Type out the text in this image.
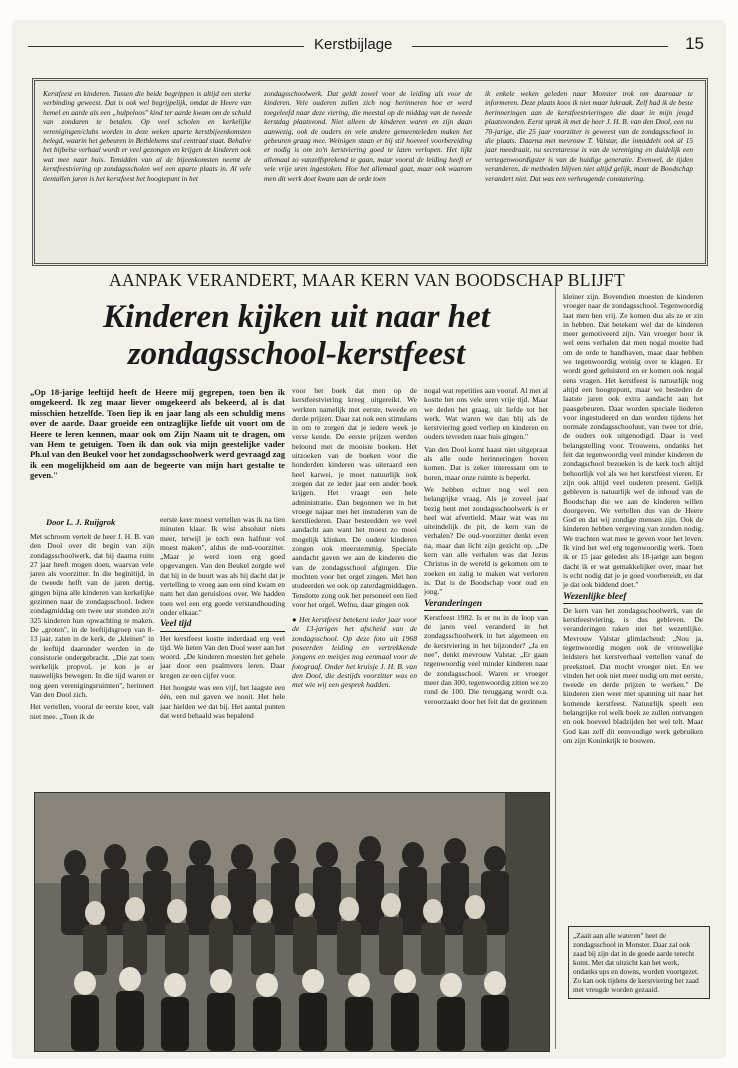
Kerstbijlage	15
Kerstfeest en kinderen. Tussen die beide begrippen is altijd een sterke verbinding geweest. Dat is ook wel begrijpelijk, omdat de Heere van hemel en aarde als een „hulpeloos" kind ter aarde kwam om de schuld van zondaren te betalen. Op veel scholen en kerkelijke verenigingen/clubs worden in deze weken aparte kerstbijeenkomsten belegd, waarin het gebeuren in Bethlehems stal centraal staat. Behalve het bijbelse verhaal wordt er veel gezongen en krijgen de kinderen ook wat mee naar huis. Temidden van al de bijeenkomsten neemt de kerstfeestviering op zondagsscholen wel een aparte plaats in. Al vele tientallen jaren is het kerstfeest het hoogtepunt in het
zondagsschoolwerk. Dat geldt zowel voor de leiding als voor de kinderen. Vele ouderen zullen zich nog herinneren hoe er werd toegeleefd naar deze viering, die meestal op de middag van de tweede kerstdag plaatsvond. Niet alleen de kinderen waren en zijn daan aanwezig, ook de ouders en vele andere gemeenteleden maken het gebeuren graag mee. Weinigen staan er bij stil hoeveel voorbereiding er nodig is om zo'n kerstviering goed te laten verlopen. Het lijkt allemaal zo vanzelfsprekend te gaan, maar vooral de leiding heeft er vele vrije uren ingestoken. Hoe het allemaal gaat, maar ook waarom men dit werk doet kwam aan de orde toen
ik enkele weken geleden naar Monster trok om daarnaar te informeren. Deze plaats koos ik niet maar lukraak. Zelf had ik de beste herinneringen aan de kerstfeestvieringen die daar in mijn jeugd plaatsvonden. Eerst sprak ik met de heer J. H. B. van den Dool, een nu 70-jarige, die 25 jaar voorzitter is geweest van de zondagsschool in die plaats. Daarna met mevrouw T. Valstar, die inmiddels ook al 15 jaar meedraait, nu secretaresse is van de vereniging en duidelijk een vertegenwoordigster is van de huidige generatie. Evenwel, de tijden veranderen, de methoden blijven niet altijd gelijk, maar de Boodschap verandert niet. Dat was een verheugende constatering.
AANPAK VERANDERT, MAAR KERN VAN BOODSCHAP BLIJFT
Kinderen kijken uit naar het
zondagsschool-kerstfeest
„Op 18-jarige leeftijd heeft de Heere mij gegrepen, toen ben ik omgekeerd. Ik zeg maar liever omgekeerd als bekeerd, al is dat misschien hetzelfde. Toen liep ik en jaar lang als een schuldig mens over de aarde. Daar groeide een ontzaglijke liefde uit voort om de Heere te leren kennen, maar ook om Zijn Naam uit te dragen, om van Hem te getuigen. Toen ik dan ook via mijn geestelijke vader Ph.ul van den Beukel voor het zondagsschoolwerk werd gevraagd zag ik een mogelijkheid om aan de begeerte van mijn hart gestalte te geven."
Door L. J. Ruijgrok

Met schroom vertelt de heer J. H. B. van den Dool over dit begin van zijn zondagsschoolwerk, dat hij daarna ruim 27 jaar heeft mogen doen, waarvan vele jaren als voorzitter. In die beginitijd, in de tweede helft van de jaren dertig, gingen bijna alle kinderen van kerkelijke gezinnen naar de zondagsschool. Iedere zondagmiddag om twee uur stonden zo'n 325 kinderen hun opwachting te maken. De „groten", in de leeftijdsgroep van 8-13 jaar, zaten in de kerk, de „kleinen" in de leeftijd daaronder werden in de consistorie ondergebracht. „Die zat toen werkelijk propvol, je kon je er nauwelijks bewegen. In die tijd waren er nog geen verenigingsruimten", herinnert Van den Dool zich.

Het vertellen, vooral de eerste keer, valt niet mee. „Toen ik de

eerste keer moest vertellen was ik na tien minuten klaar. Ik wist absoluut niets meer, terwijl je toch een halfuur vol moest maken", aldus de oud-voorzitter. „Maar je werd toen erg goed opgevangen. Van den Beukel zorgde wel dat hij in de buurt was als hij dacht dat je vertelling te vroeg aan een eind kwam en nam het dan geruisloos over. We hadden toen wel een erg goede verstandhouding onder elkaar."

Veel tijd

Het kerstfeest kostte inderdaad erg veel tijd. We lieten Van den Dool weer aan het woord. „De kinderen moesten het gehele jaar door een psalmvers leren. Daar kregen ze een cijfer voor.

Het hoogste was een vijf, het laagste een één, een nul gaven we nooit. Het hele jaar hielden we dat bij. Het aantal punten dat werd behaald was bepalend

voor het boek dat men op de kerstfeestviering kreeg uitgereikt. We werkten namelijk met eerste, tweede en derde prijzen. Daar zat ook een stimulans in om te zorgen dat je iedere week je verse kende. De eerste prijzen werden beloond met de mooiste boeken. Het uitzoeken van de boeken voor die honderden kinderen was uiteraard een heel karwei, je moet natuurlijk ook zorgen dat ze ieder jaar een ander boek krijgen. Het vraagt een hele administratie. Dan begonnen we in het vroege najaar met het instuderen van de kerstliederen. Daar besteedden we veel aandacht aan want het moest zo mooi mogelijk klinken. De oudere kinderen zongen ook meerstemmig. Speciale aandacht gaven we aan de kinderen die van de zondagsschool afgingen. Die mochten voor het orgel zingen. Met hen studeerden we ook op zaterdagmiddagen. Tenslotte zong ook het personeel een lied voor het orgel. Welnu, daar gingen ook

● Het kerstfeest betekent ieder jaar voor de 13-jarigen het afscheid van de zondagsschool. Op deze foto uit 1968 poseerden leiding en vertrekkende jongens en meisjes nog eenmaal voor de fotograaf. Onder het kruisje J. H. B. van den Dool, die destijds voorzitter was en met wie wij een gesprek hadden.

nogal wat repetities aan vooraf. Al met al kostte het ons vele uren vrije tijd. Maar we deden het graag, uit liefde tot het werk. Wat waren we dan blij als de kerstviering goed verliep en kinderen en ouders tevreden naar huis gingen."

Van den Dool komt haast niet uitgepraat als alle oude herinneringen boven komen. Dat is zeker interessant om te horen, maar onze ruimte is beperkt.

We hebben echter nog wel een belangrijke vraag. Als je zoveel jaar bezig bent met zondagsschoolwerk is er heel wat afvertield. Maar wat was nu uiteindelijk de pit, de kern van de verhalen? De oud-voorzitter denkt even na, maar dan licht zijn gezicht op. „De kern van alle verhalen was dat Jezus Christus in de wereld is gekomen om te zoeken en zalig te maken wat verloren is. Dat is de Boodschap voor oud en jong."

Veranderingen

Kerstfeest 1982. Is er nu in de loop van de jaren veel veranderd in het zondagsschoolwerk in het algemeen en de kerstviering in het bijzonder? „Ja en nee", denkt mevrouw Valstar. „Er gaan tegenwoordig veel minder kinderen naar de zondagsschool. Waren er vroeger meer dan 300, tegenwoordig zitten we zo rond de 100. Die teruggang wordt o.a. veroorzaakt door het feit dat de gezinnen

kleiner zijn. Bovendien moesten de kinderen vroeger naar de zondagsschool. Tegenwoordig laat men hen vrij. Ze komen dus als ze er zin in hebben. Dat betekent wel dat de kinderen meer gemotiveerd zijn. Van vroeger hoor ik wel eens verhalen dat men nogal moeite had om de orde te handhaven, maar daar hebben we tegenwoordig weinig over te klagen. Er wordt goed geluisterd en er komen ook nogal eens vragen. Het kerstfeest is natuurlijk nog altijd een hoogtepunt, maar we besteden de laatste jaren ook extra aandacht aan het paasgebeuren. Daar worden speciale liederen voor ingestudeerd en dan worden tijdens het normale zondagsschooluur, van twee tot drie, de ouders ook uitgenodigd. Daar is veel belangstelling voor. Trouwens, ondanks het feit dat tegenwoordig veel minder kinderen de zondagschool bezoeken is de kerk toch altijd behoorlijk vol als we het kerstfeest vieren. Er zijn ook altijd veel ouderen present. Gelijk gebleven is natuurlijk wel de inhoud van de Boodschap die we aan de kinderen willen doorgeven. We vertellen dus van de Heere God en dat wij zondige mensen zijn. Ook de kinderen hebben vergeving van zonden nodig. We trachten wat mee te geven voor het leven. Ik vind het wel erg tegenwoordig werk. Toen ik er 15 jaar geleden als 18-jarige aan begon dacht ik er wat gemakkelijker over, maar het is echt nodig dat je je goed voorbereidt, en dat je dat ook biddend doet."

Wezenlijke bleef

De kern van het zondagsschoolwerk, van de kerstfeestviering, is dus gebleven. De veranderingen raken niet het wezenlijke. Mevrouw Valstar glimlachend: „Nou ja, tegenwoordig mogen ook de vrouwelijke leidsters het kerstverhaal vertellen vanaf de preekstoel. Dat mocht vroeger niet. En we vinden het ook niet meer nodig om met eerste, tweede en derde prijzen te werken." De kinderen zien weer met spanning uit naar het komende kerstfeest. Natuurlijk speelt een belangrijke rol welk boek ze zullen ontvangen en ook hoeveel bladzijden het wel telt. Maar God kan zelf dit eenvoudige werk gebruiken om zijn Koninkrijk te bouwen.

„Zaait aan alle wateren" heet de zondagsschool in Monster. Daar zal ook zaad bij zijn dat in de goede aarde terecht komt. Met dat uitzicht kan het werk, ondanks ups en downs, worden voortgezet. Zo kan ook tijdens de kerstviering het zaad met vreugde worden gezaaid.
